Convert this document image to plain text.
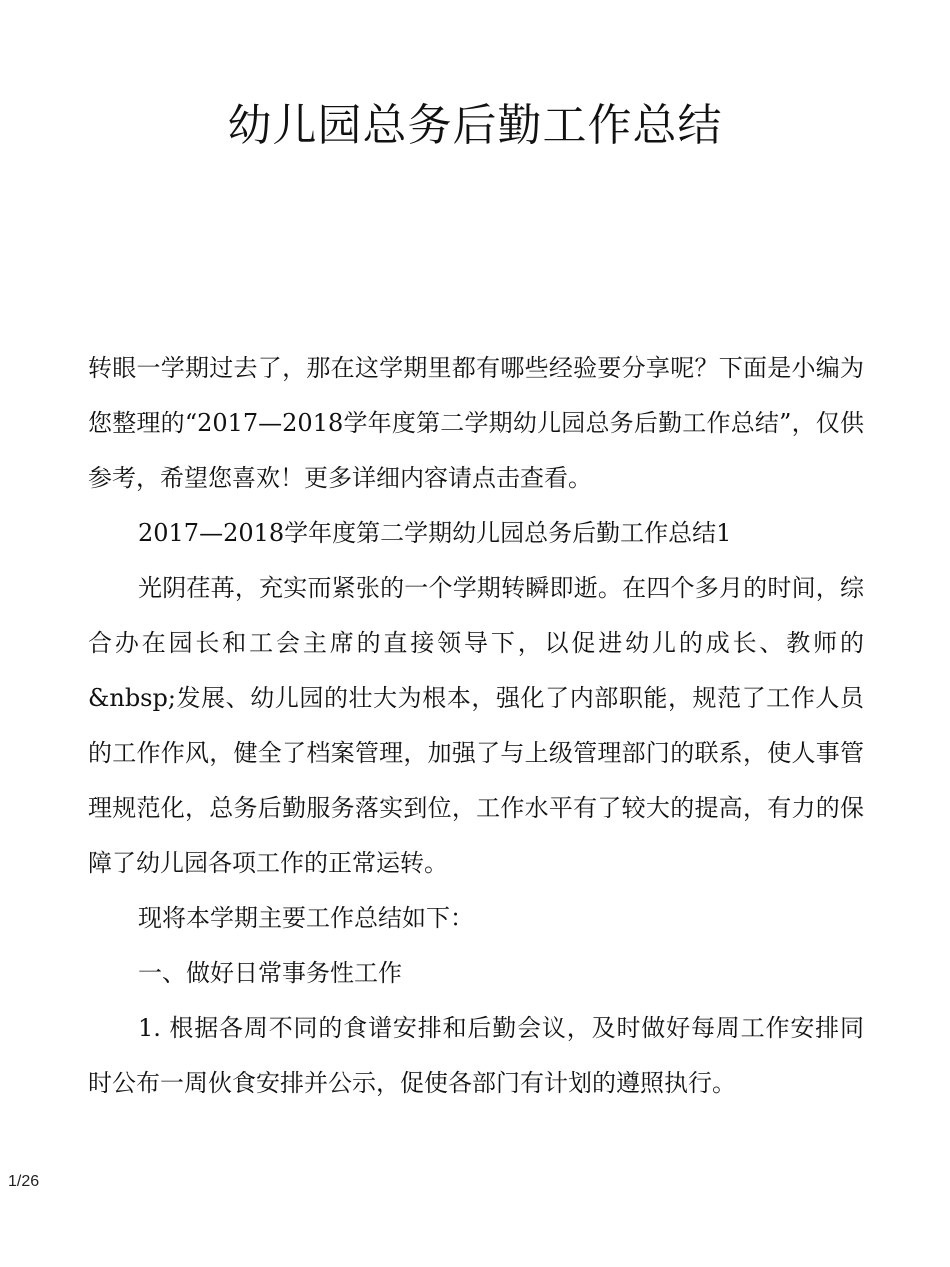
幼儿园总务后勤工作总结

转眼一学期过去了，那在这学期里都有哪些经验要分享呢？下面是小编为您整理的“2017—2018学年度第二学期幼儿园总务后勤工作总结”，仅供参考，希望您喜欢！更多详细内容请点击查看。

2017—2018学年度第二学期幼儿园总务后勤工作总结1

光阴荏苒，充实而紧张的一个学期转瞬即逝。在四个多月的时间，综合办在园长和工会主席的直接领导下，以促进幼儿的成长、教师的&nbsp;发展、幼儿园的壮大为根本，强化了内部职能，规范了工作人员的工作作风，健全了档案管理，加强了与上级管理部门的联系，使人事管理规范化，总务后勤服务落实到位，工作水平有了较大的提高，有力的保障了幼儿园各项工作的正常运转。

现将本学期主要工作总结如下：

一、做好日常事务性工作

1. 根据各周不同的食谱安排和后勤会议，及时做好每周工作安排同时公布一周伙食安排并公示，促使各部门有计划的遵照执行。

1/26
